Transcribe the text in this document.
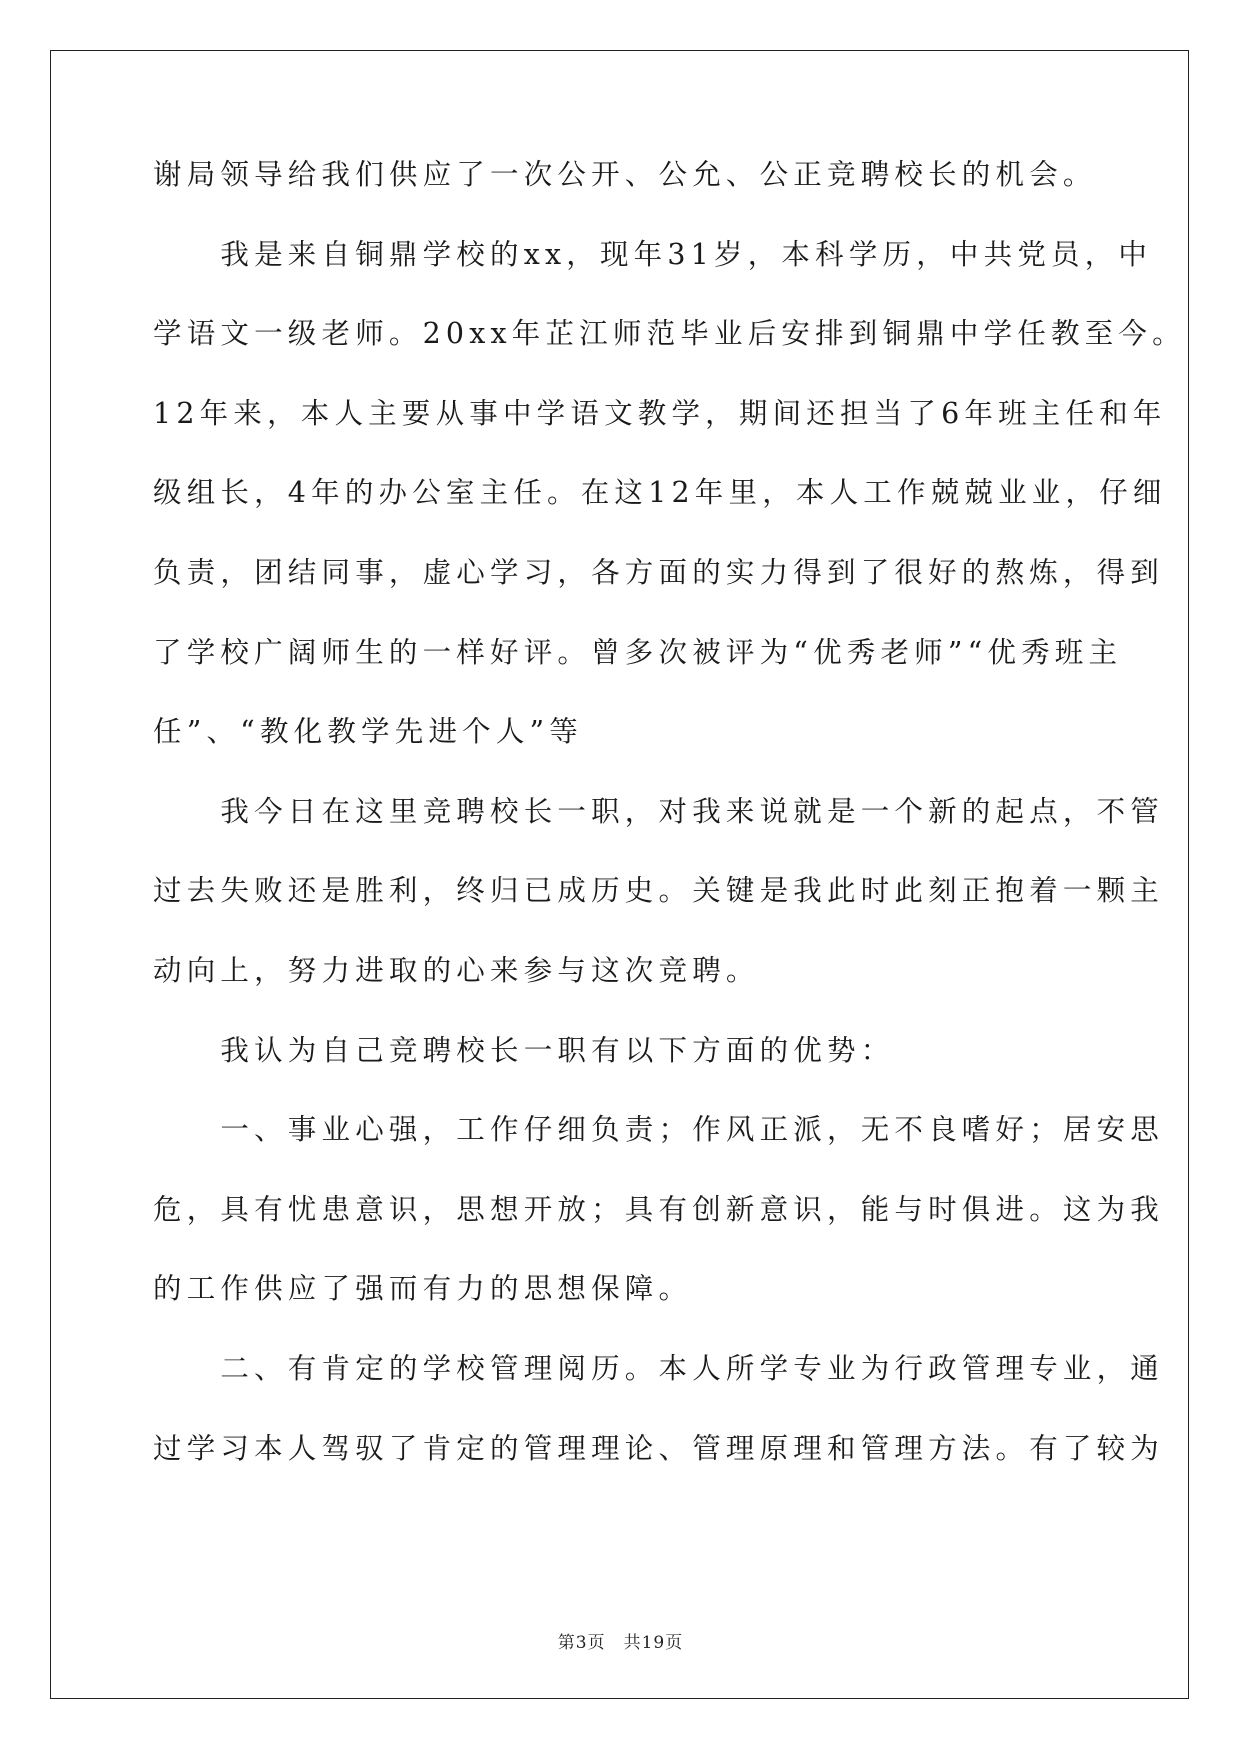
谢局领导给我们供应了一次公开、公允、公正竞聘校长的机会。
　　我是来自铜鼎学校的xx，现年31岁，本科学历，中共党员，中
学语文一级老师。20xx年芷江师范毕业后安排到铜鼎中学任教至今。
12年来，本人主要从事中学语文教学，期间还担当了6年班主任和年
级组长，4年的办公室主任。在这12年里，本人工作兢兢业业，仔细
负责，团结同事，虚心学习，各方面的实力得到了很好的熬炼，得到
了学校广阔师生的一样好评。曾多次被评为“优秀老师”“优秀班主
任”、“教化教学先进个人”等
　　我今日在这里竞聘校长一职，对我来说就是一个新的起点，不管
过去失败还是胜利，终归已成历史。关键是我此时此刻正抱着一颗主
动向上，努力进取的心来参与这次竞聘。
　　我认为自己竞聘校长一职有以下方面的优势：
　　一、事业心强，工作仔细负责；作风正派，无不良嗜好；居安思
危，具有忧患意识，思想开放；具有创新意识，能与时俱进。这为我
的工作供应了强而有力的思想保障。
　　二、有肯定的学校管理阅历。本人所学专业为行政管理专业，通
过学习本人驾驭了肯定的管理理论、管理原理和管理方法。有了较为
第3页　共19页
